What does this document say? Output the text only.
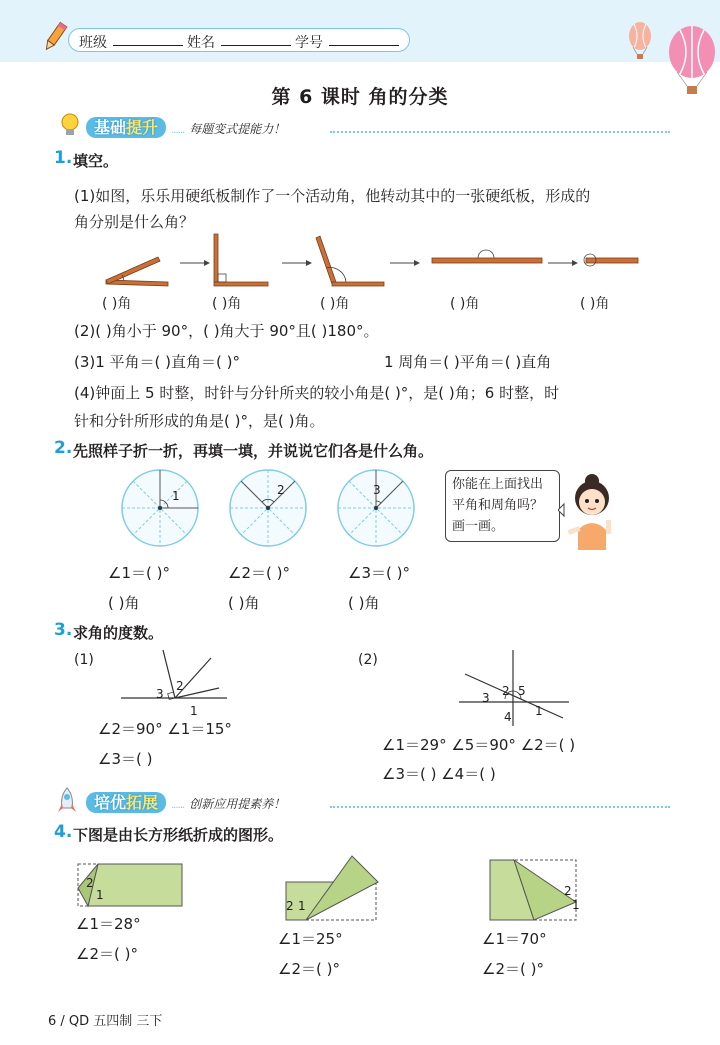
班级	姓名	学号
第 6 课时 角的分类
基础提升 ...... 每题变式提能力！
1. 填空。
(1)如图，乐乐用硬纸板制作了一个活动角，他转动其中的一张硬纸板，形成的
角分别是什么角？
( )角	( )角	( )角	( )角	( )角
(2)( )角小于 90°，( )角大于 90°且( )180°。
(3)1 平角＝( )直角＝( )°	1 周角＝( )平角＝( )直角
(4)钟面上 5 时整，时针与分针所夹的较小角是( )°，是( )角；6 时整，时
针和分针所形成的角是( )°，是( )角。
2. 先照样子折一折，再填一填，并说说它们各是什么角。
1	2	3	你能在上面找出
平角和周角吗？
画一画。
∠1＝( )°	∠2＝( )°	∠3＝( )°
( )角	( )角	( )角
3. 求角的度数。
(1)	(2)
3
2
1
3 2 5
4 1
∠2＝90° ∠1＝15°
∠3＝( )
∠1＝29° ∠5＝90° ∠2＝( )
∠3＝( ) ∠4＝( )
培优拓展 ...... 创新应用提素养！
4. 下图是由长方形纸折成的图形。
2
1
2 1
2
1
∠1＝28°
∠2＝( )°
∠1＝25°
∠2＝( )°
∠1＝70°
∠2＝( )°
6 / QD 五四制 三下
